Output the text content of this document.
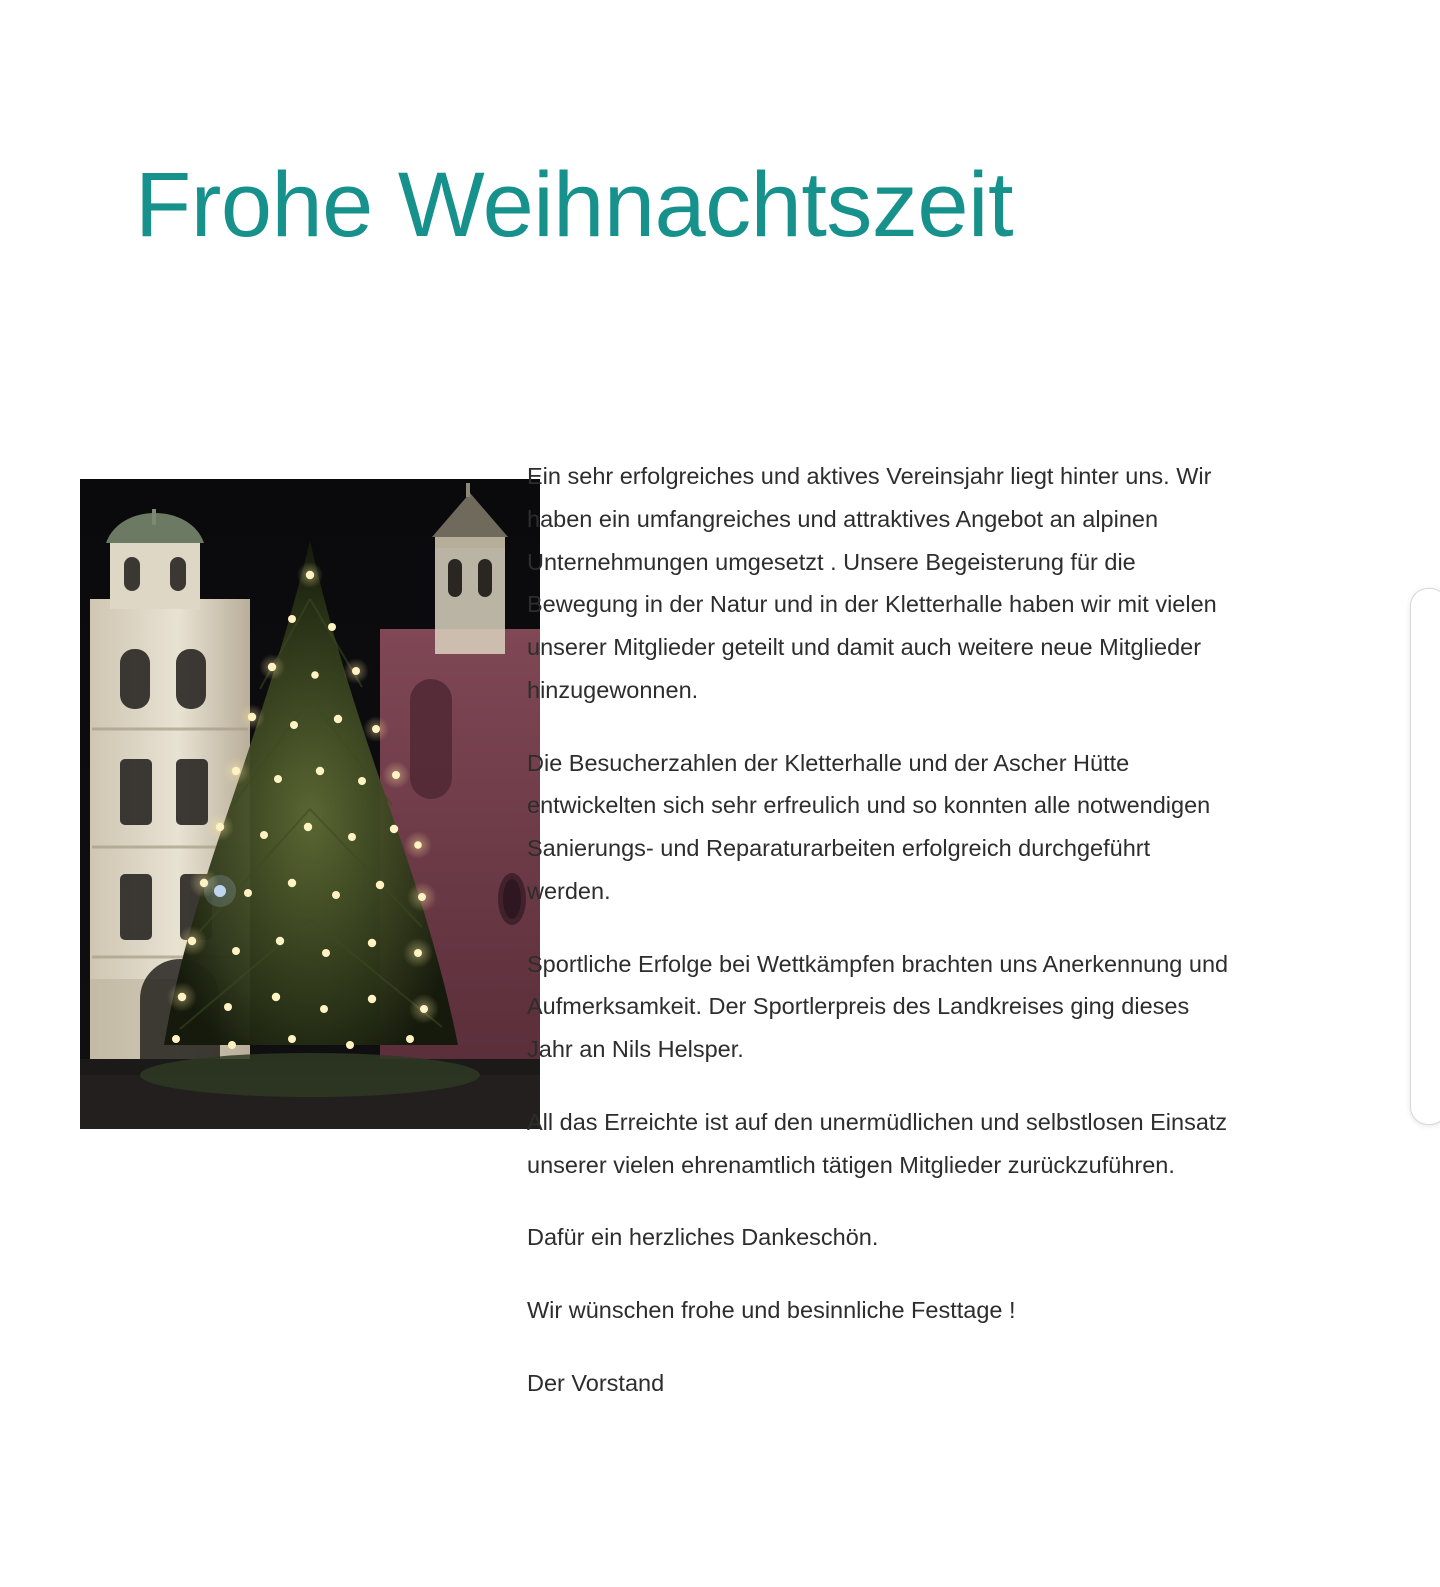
Frohe Weihnachtszeit

Ein sehr erfolgreiches und aktives Vereinsjahr liegt hinter uns. Wir haben ein umfangreiches und attraktives Angebot an alpinen Unternehmungen umgesetzt . Unsere Begeisterung für die Bewegung in der Natur und in der Kletterhalle haben wir mit vielen unserer Mitglieder geteilt und damit auch weitere neue Mitglieder hinzugewonnen.

Die Besucherzahlen der Kletterhalle und der Ascher Hütte entwickelten sich sehr erfreulich und so konnten alle notwendigen Sanierungs- und Reparaturarbeiten erfolgreich durchgeführt werden.

Sportliche Erfolge bei Wettkämpfen brachten uns Anerkennung und Aufmerksamkeit. Der Sportlerpreis des Landkreises ging dieses Jahr an Nils Helsper.

All das Erreichte ist auf den unermüdlichen und selbstlosen Einsatz unserer vielen ehrenamtlich tätigen Mitglieder zurückzuführen.

Dafür ein herzliches Dankeschön.

Wir wünschen frohe und besinnliche Festtage !

Der Vorstand
